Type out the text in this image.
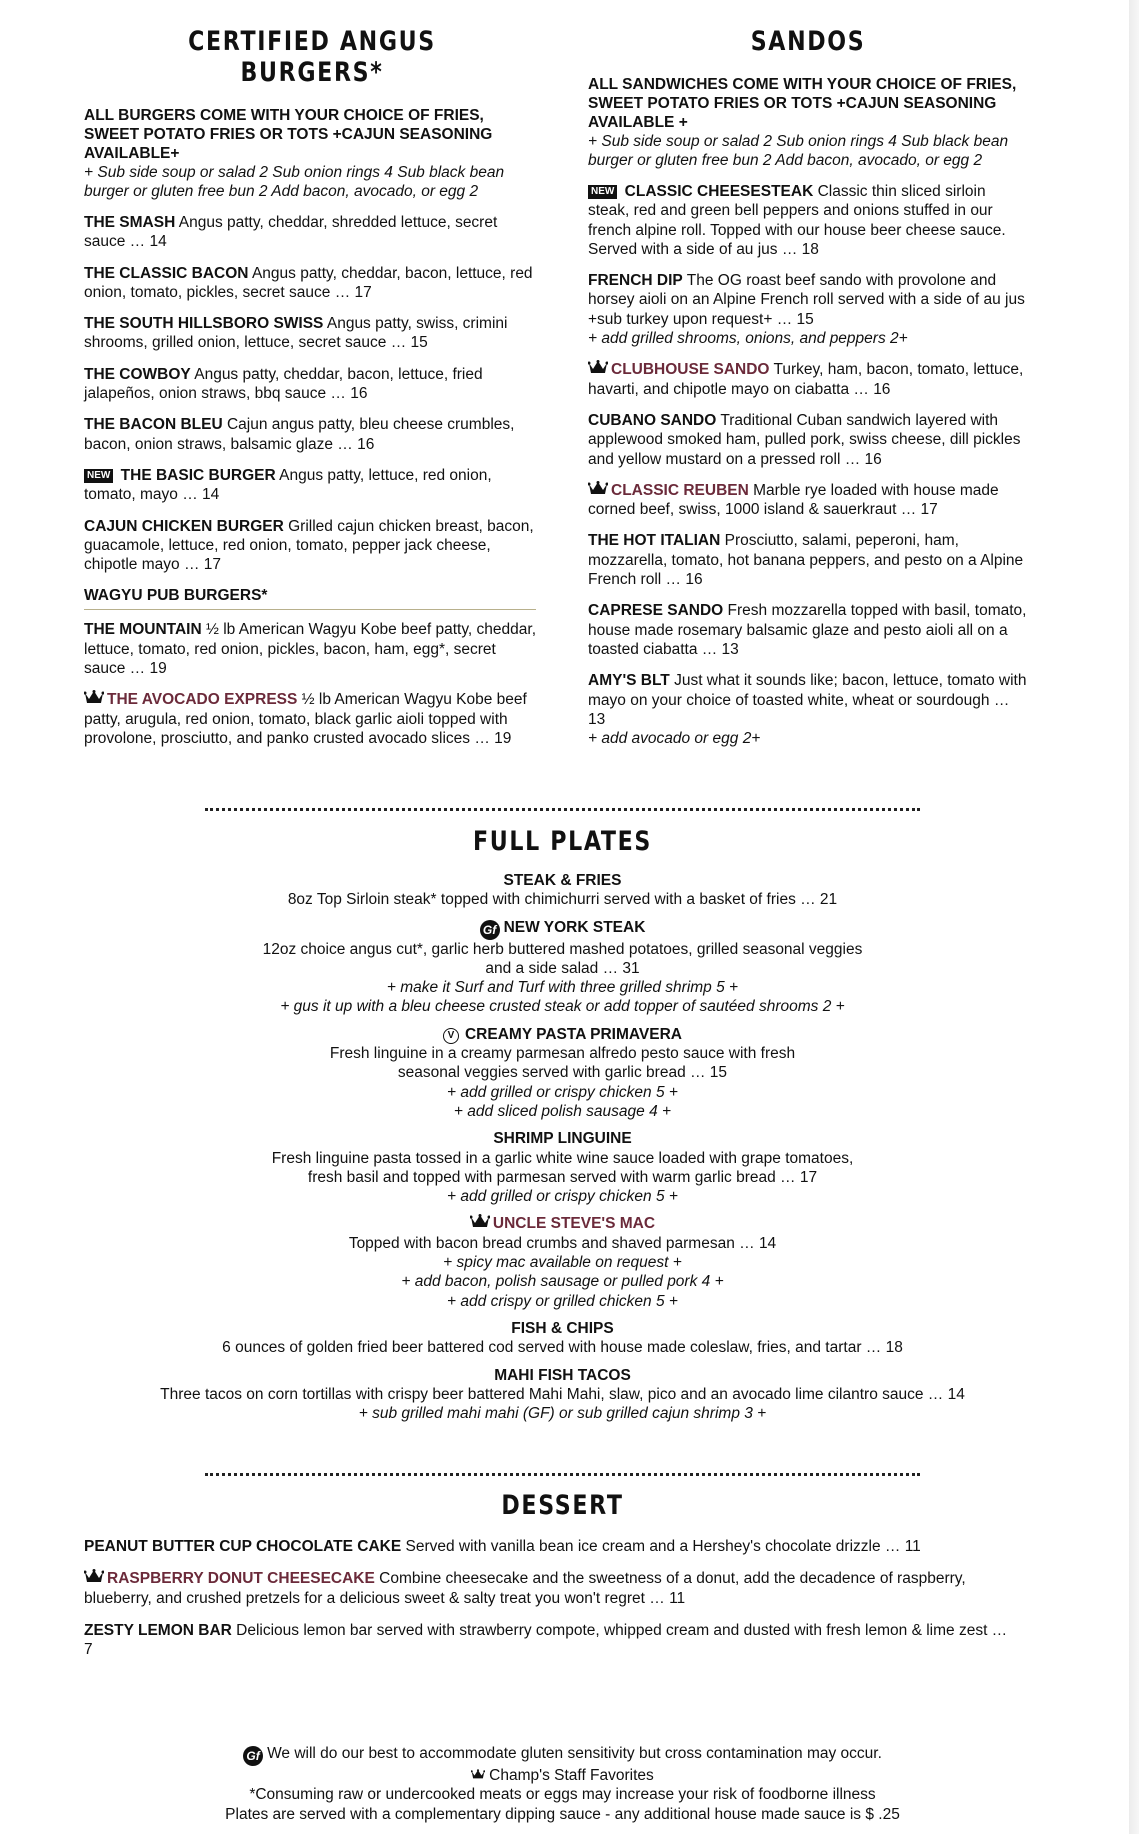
CERTIFIED ANGUS BURGERS*
ALL BURGERS COME WITH YOUR CHOICE OF FRIES, SWEET POTATO FRIES OR TOTS +CAJUN SEASONING AVAILABLE+
+ Sub side soup or salad 2 Sub onion rings 4 Sub black bean burger or gluten free bun 2 Add bacon, avocado, or egg 2
THE SMASH Angus patty, cheddar, shredded lettuce, secret sauce … 14
THE CLASSIC BACON Angus patty, cheddar, bacon, lettuce, red onion, tomato, pickles, secret sauce … 17
THE SOUTH HILLSBORO SWISS Angus patty, swiss, crimini shrooms, grilled onion, lettuce, secret sauce … 15
THE COWBOY Angus patty, cheddar, bacon, lettuce, fried jalapeños, onion straws, bbq sauce … 16
THE BACON BLEU Cajun angus patty, bleu cheese crumbles, bacon, onion straws, balsamic glaze … 16
NEW THE BASIC BURGER Angus patty, lettuce, red onion, tomato, mayo … 14
CAJUN CHICKEN BURGER Grilled cajun chicken breast, bacon, guacamole, lettuce, red onion, tomato, pepper jack cheese, chipotle mayo … 17
WAGYU PUB BURGERS*
THE MOUNTAIN ½ lb American Wagyu Kobe beef patty, cheddar, lettuce, tomato, red onion, pickles, bacon, ham, egg*, secret sauce … 19
THE AVOCADO EXPRESS ½ lb American Wagyu Kobe beef patty, arugula, red onion, tomato, black garlic aioli topped with provolone, prosciutto, and panko crusted avocado slices … 19
SANDOS
ALL SANDWICHES COME WITH YOUR CHOICE OF FRIES, SWEET POTATO FRIES OR TOTS +CAJUN SEASONING AVAILABLE +
+ Sub side soup or salad 2 Sub onion rings 4 Sub black bean burger or gluten free bun 2 Add bacon, avocado, or egg 2
NEW CLASSIC CHEESESTEAK Classic thin sliced sirloin steak, red and green bell peppers and onions stuffed in our french alpine roll. Topped with our house beer cheese sauce. Served with a side of au jus … 18
FRENCH DIP The OG roast beef sando with provolone and horsey aioli on an Alpine French roll served with a side of au jus +sub turkey upon request+ … 15
+ add grilled shrooms, onions, and peppers 2+
CLUBHOUSE SANDO Turkey, ham, bacon, tomato, lettuce, havarti, and chipotle mayo on ciabatta … 16
CUBANO SANDO Traditional Cuban sandwich layered with applewood smoked ham, pulled pork, swiss cheese, dill pickles and yellow mustard on a pressed roll … 16
CLASSIC REUBEN Marble rye loaded with house made corned beef, swiss, 1000 island & sauerkraut … 17
THE HOT ITALIAN Prosciutto, salami, peperoni, ham, mozzarella, tomato, hot banana peppers, and pesto on a Alpine French roll … 16
CAPRESE SANDO Fresh mozzarella topped with basil, tomato, house made rosemary balsamic glaze and pesto aioli all on a toasted ciabatta … 13
AMY'S BLT Just what it sounds like; bacon, lettuce, tomato with mayo on your choice of toasted white, wheat or sourdough … 13
+ add avocado or egg 2+
FULL PLATES
STEAK & FRIES
8oz Top Sirloin steak* topped with chimichurri served with a basket of fries … 21
Gf NEW YORK STEAK
12oz choice angus cut*, garlic herb buttered mashed potatoes, grilled seasonal veggies
and a side salad … 31
+ make it Surf and Turf with three grilled shrimp 5 +
+ gus it up with a bleu cheese crusted steak or add topper of sautéed shrooms 2 +
V CREAMY PASTA PRIMAVERA
Fresh linguine in a creamy parmesan alfredo pesto sauce with fresh
seasonal veggies served with garlic bread … 15
+ add grilled or crispy chicken 5 +
+ add sliced polish sausage 4 +
SHRIMP LINGUINE
Fresh linguine pasta tossed in a garlic white wine sauce loaded with grape tomatoes,
fresh basil and topped with parmesan served with warm garlic bread … 17
+ add grilled or crispy chicken 5 +
UNCLE STEVE'S MAC
Topped with bacon bread crumbs and shaved parmesan … 14
+ spicy mac available on request +
+ add bacon, polish sausage or pulled pork 4 +
+ add crispy or grilled chicken 5 +
FISH & CHIPS
6 ounces of golden fried beer battered cod served with house made coleslaw, fries, and tartar … 18
MAHI FISH TACOS
Three tacos on corn tortillas with crispy beer battered Mahi Mahi, slaw, pico and an avocado lime cilantro sauce … 14
+ sub grilled mahi mahi (GF) or sub grilled cajun shrimp 3 +
DESSERT
PEANUT BUTTER CUP CHOCOLATE CAKE Served with vanilla bean ice cream and a Hershey's chocolate drizzle … 11
RASPBERRY DONUT CHEESECAKE Combine cheesecake and the sweetness of a donut, add the decadence of raspberry, blueberry, and crushed pretzels for a delicious sweet & salty treat you won't regret … 11
ZESTY LEMON BAR Delicious lemon bar served with strawberry compote, whipped cream and dusted with fresh lemon & lime zest … 7
Gf We will do our best to accommodate gluten sensitivity but cross contamination may occur.
Champ's Staff Favorites
*Consuming raw or undercooked meats or eggs may increase your risk of foodborne illness
Plates are served with a complementary dipping sauce - any additional house made sauce is $ .25
